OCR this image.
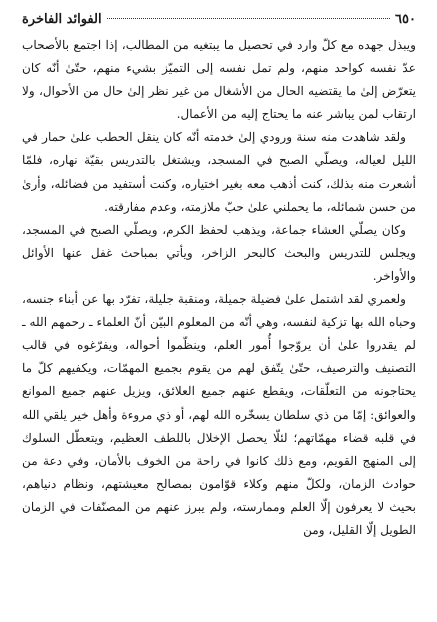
٦٥٠
الفوائد الفاخرة

ويبذل جهده مع كلّ وارد في تحصيل ما يبتغيه من المطالب، إذا اجتمع بالأصحاب عدّ نفسه كواحد منهم، ولم تمل نفسه إلى التميّز بشيء منهم، حتّىٰ أنّه كان يتعرّض إلىٰ ما يقتضيه الحال من الأشغال من غير نظر إلىٰ حال من الأحوال، ولا ارتقاب لمن يباشر عنه ما يحتاج إليه من الأعمال.

ولقد شاهدت منه سنة ورودي إلىٰ خدمته أنّه كان ينقل الحطب علىٰ حمار في الليل لعياله، ويصلّي الصبح في المسجد، ويشتغل بالتدريس بقيّة نهاره، فلمّا أشعرت منه بذلك، كنت أذهب معه بغير اختياره، وكنت أستفيد من فضائله، وأرىٰ من حسن شمائله، ما يحملني علىٰ حبّ ملازمته، وعدم مفارقته.

وكان يصلّي العشاء جماعة، ويذهب لحفظ الكرم، ويصلّي الصبح في المسجد، ويجلس للتدريس والبحث كالبحر الزاخر، ويأتي بمباحث غفل عنها الأوائل والأواخر.

ولعمري لقد اشتمل علىٰ فضيلة جميلة، ومنقبة جليلة، تفرّد بها عن أبناء جنسه، وحباه الله بها تزكية لنفسه، وهي أنّه من المعلوم البيّن أنّ العلماء ـ رحمهم الله ـ لم يقدروا علىٰ أن يروّجوا أُمور العلم، وينظّموا أحواله، ويفرّغوه في قالب التصنيف والترصيف، حتّىٰ يتّفق لهم من يقوم بجميع المهمّات، ويكفيهم كلّ ما يحتاجونه من التعلّقات، ويقطع عنهم جميع العلائق، ويزيل عنهم جميع الموانع والعوائق: إمّا من ذي سلطان يسخّره الله لهم، أو ذي مروءة وأهل خير يلقي الله في قلبه قضاء مهمّاتهم؛ لئلّا يحصل الإخلال باللطف العظيم، ويتعطّل السلوك إلى المنهج القويم، ومع ذلك كانوا في راحة من الخوف بالأمان، وفي دعة من حوادث الزمان، ولكلّ منهم وكلاء قوّامون بمصالح معيشتهم، ونظام دنياهم، بحيث لا يعرفون إلّا العلم وممارسته، ولم يبرز عنهم من المصنّفات في الزمان الطويل إلّا القليل، ومن
